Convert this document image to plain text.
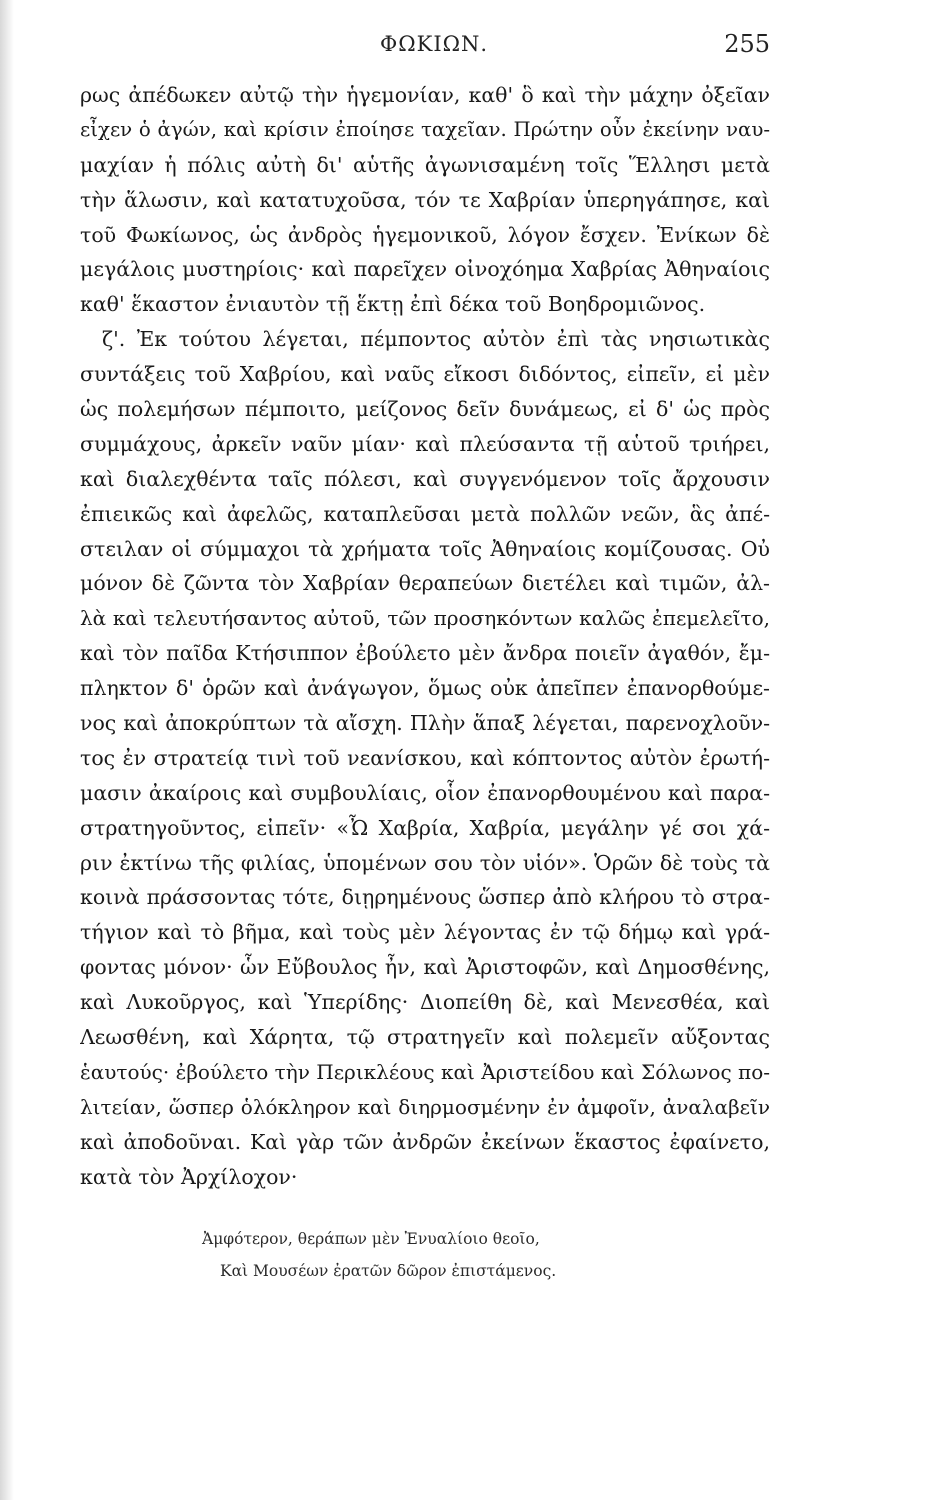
ΦΩΚΙΩΝ.	255
ρως ἀπέδωκεν αὐτῷ τὴν ἡγεμονίαν, καθ' ὃ καὶ τὴν μάχην ὀξεῖαν
εἶχεν ὁ ἀγών, καὶ κρίσιν ἐποίησε ταχεῖαν. Πρώτην οὖν ἐκείνην ναυ-
μαχίαν ἡ πόλις αὐτὴ δι' αὑτῆς ἀγωνισαμένη τοῖς Ἕλλησι μετὰ
τὴν ἅλωσιν, καὶ κατατυχοῦσα, τόν τε Χαβρίαν ὑπερηγάπησε, καὶ
τοῦ Φωκίωνος, ὡς ἀνδρὸς ἡγεμονικοῦ, λόγον ἔσχεν. Ἐνίκων δὲ
μεγάλοις μυστηρίοις· καὶ παρεῖχεν οἰνοχόημα Χαβρίας Ἀθηναίοις
καθ' ἕκαστον ἐνιαυτὸν τῇ ἕκτῃ ἐπὶ δέκα τοῦ Βοηδρομιῶνος.
ζ'. Ἐκ τούτου λέγεται, πέμποντος αὐτὸν ἐπὶ τὰς νησιωτικὰς
συντάξεις τοῦ Χαβρίου, καὶ ναῦς εἴκοσι διδόντος, εἰπεῖν, εἰ μὲν
ὡς πολεμήσων πέμποιτο, μείζονος δεῖν δυνάμεως, εἰ δ' ὡς πρὸς
συμμάχους, ἀρκεῖν ναῦν μίαν· καὶ πλεύσαντα τῇ αὑτοῦ τριήρει,
καὶ διαλεχθέντα ταῖς πόλεσι, καὶ συγγενόμενον τοῖς ἄρχουσιν
ἐπιεικῶς καὶ ἀφελῶς, καταπλεῦσαι μετὰ πολλῶν νεῶν, ἃς ἀπέ-
στειλαν οἱ σύμμαχοι τὰ χρήματα τοῖς Ἀθηναίοις κομίζουσας. Οὐ
μόνον δὲ ζῶντα τὸν Χαβρίαν θεραπεύων διετέλει καὶ τιμῶν, ἀλ-
λὰ καὶ τελευτήσαντος αὐτοῦ, τῶν προσηκόντων καλῶς ἐπεμελεῖτο,
καὶ τὸν παῖδα Κτήσιππον ἐβούλετο μὲν ἄνδρα ποιεῖν ἀγαθόν, ἔμ-
πληκτον δ' ὁρῶν καὶ ἀνάγωγον, ὅμως οὐκ ἀπεῖπεν ἐπανορθούμε-
νος καὶ ἀποκρύπτων τὰ αἴσχη. Πλὴν ἅπαξ λέγεται, παρενοχλοῦν-
τος ἐν στρατείᾳ τινὶ τοῦ νεανίσκου, καὶ κόπτοντος αὐτὸν ἐρωτή-
μασιν ἀκαίροις καὶ συμβουλίαις, οἷον ἐπανορθουμένου καὶ παρα-
στρατηγοῦντος, εἰπεῖν· «Ὦ Χαβρία, Χαβρία, μεγάλην γέ σοι χά-
ριν ἐκτίνω τῆς φιλίας, ὑπομένων σου τὸν υἱόν». Ὁρῶν δὲ τοὺς τὰ
κοινὰ πράσσοντας τότε, διῃρημένους ὥσπερ ἀπὸ κλήρου τὸ στρα-
τήγιον καὶ τὸ βῆμα, καὶ τοὺς μὲν λέγοντας ἐν τῷ δήμῳ καὶ γρά-
φοντας μόνον· ὧν Εὔβουλος ἦν, καὶ Ἀριστοφῶν, καὶ Δημοσθένης,
καὶ Λυκοῦργος, καὶ Ὑπερίδης· Διοπείθη δὲ, καὶ Μενεσθέα, καὶ
Λεωσθένη, καὶ Χάρητα, τῷ στρατηγεῖν καὶ πολεμεῖν αὔξοντας
ἑαυτούς· ἐβούλετο τὴν Περικλέους καὶ Ἀριστείδου καὶ Σόλωνος πο-
λιτείαν, ὥσπερ ὁλόκληρον καὶ διηρμοσμένην ἐν ἀμφοῖν, ἀναλαβεῖν
καὶ ἀποδοῦναι. Καὶ γὰρ τῶν ἀνδρῶν ἐκείνων ἕκαστος ἐφαίνετο,
κατὰ τὸν Ἀρχίλοχον·
Ἀμφότερον, θεράπων μὲν Ἐνυαλίοιο θεοῖο,
Καὶ Μουσέων ἐρατῶν δῶρον ἐπιστάμενος.
